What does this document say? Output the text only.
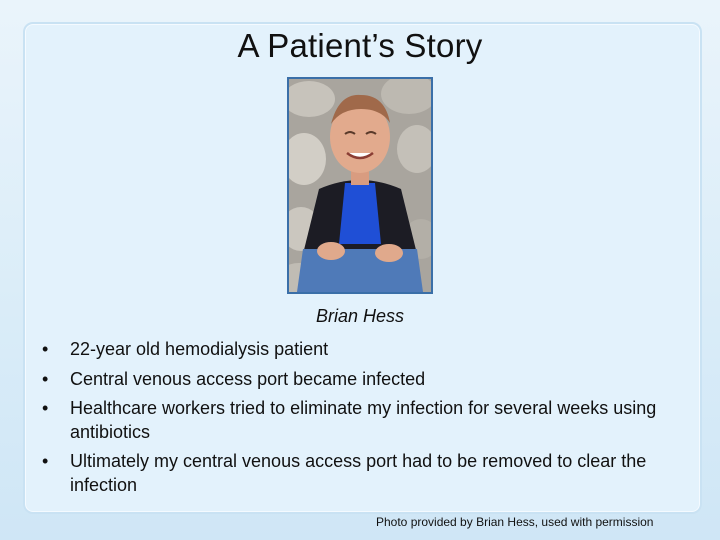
A Patient’s Story
Brian Hess
•	22-year old hemodialysis patient
•	Central venous access port became infected
•	Healthcare workers tried to eliminate my infection for several weeks using antibiotics
•	Ultimately my central venous access port had to be removed to clear the infection
Photo provided by Brian Hess, used with permission
